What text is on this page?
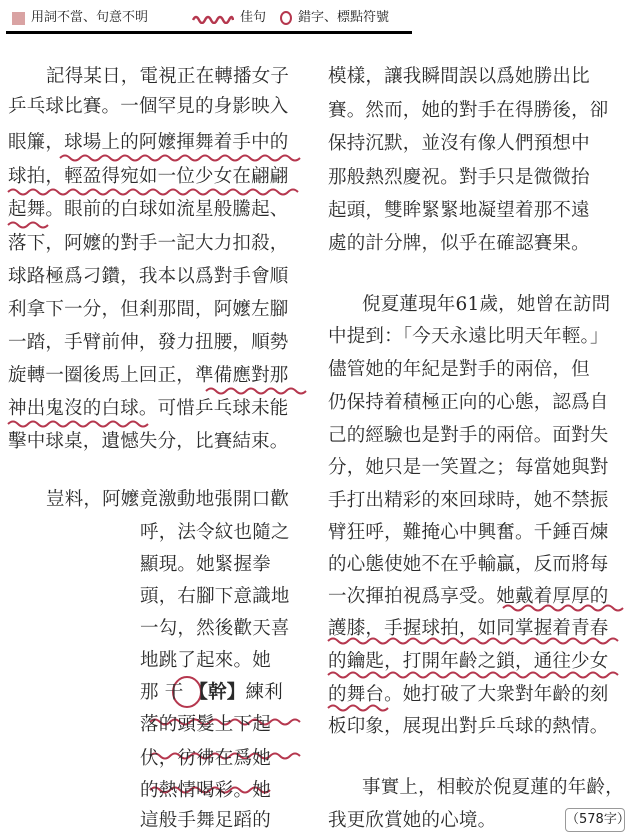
用詞不當、句意不明	佳句 錯字、標點符號
記得某日，電視正在轉播女子
乒乓球比賽。一個罕見的身影映入
眼簾，球場上的阿嬤揮舞着手中的
球拍，輕盈得宛如一位少女在翩翩
起舞。眼前的白球如流星般騰起、
落下，阿嬤的對手一記大力扣殺，
球路極爲刁鑽，我本以爲對手會順
利拿下一分，但剎那間，阿嬤左腳
一踏，手臂前伸，發力扭腰，順勢
旋轉一圈後馬上回正，準備應對那
神出鬼沒的白球。可惜乒乓球未能
擊中球桌，遺憾失分，比賽結束。
豈料，阿嬤竟激動地張開口歡
呼，法令紋也隨之
顯現。她緊握拳
頭，右腳下意識地
一勾，然後歡天喜
地跳了起來。她
那 干 【幹】練利
落的頭髮上下起
伏，彷彿在爲她
的熱情喝彩。她
這般手舞足蹈的
模樣，讓我瞬間誤以爲她勝出比
賽。然而，她的對手在得勝後，卻
保持沉默，並沒有像人們預想中
那般熱烈慶祝。對手只是微微抬
起頭，雙眸緊緊地凝望着那不遠
處的計分牌，似乎在確認賽果。
倪夏蓮現年61歲，她曾在訪問
中提到：「今天永遠比明天年輕。」
儘管她的年紀是對手的兩倍，但
仍保持着積極正向的心態，認爲自
己的經驗也是對手的兩倍。面對失
分，她只是一笑置之；每當她與對
手打出精彩的來回球時，她不禁振
臂狂呼，難掩心中興奮。千錘百煉
的心態使她不在乎輸贏，反而將每
一次揮拍視爲享受。她戴着厚厚的
護膝，手握球拍，如同掌握着青春
的鑰匙，打開年齡之鎖，通往少女
的舞台。她打破了大衆對年齡的刻
板印象，展現出對乒乓球的熱情。
事實上，相較於倪夏蓮的年齡，
我更欣賞她的心境。	（578字）
